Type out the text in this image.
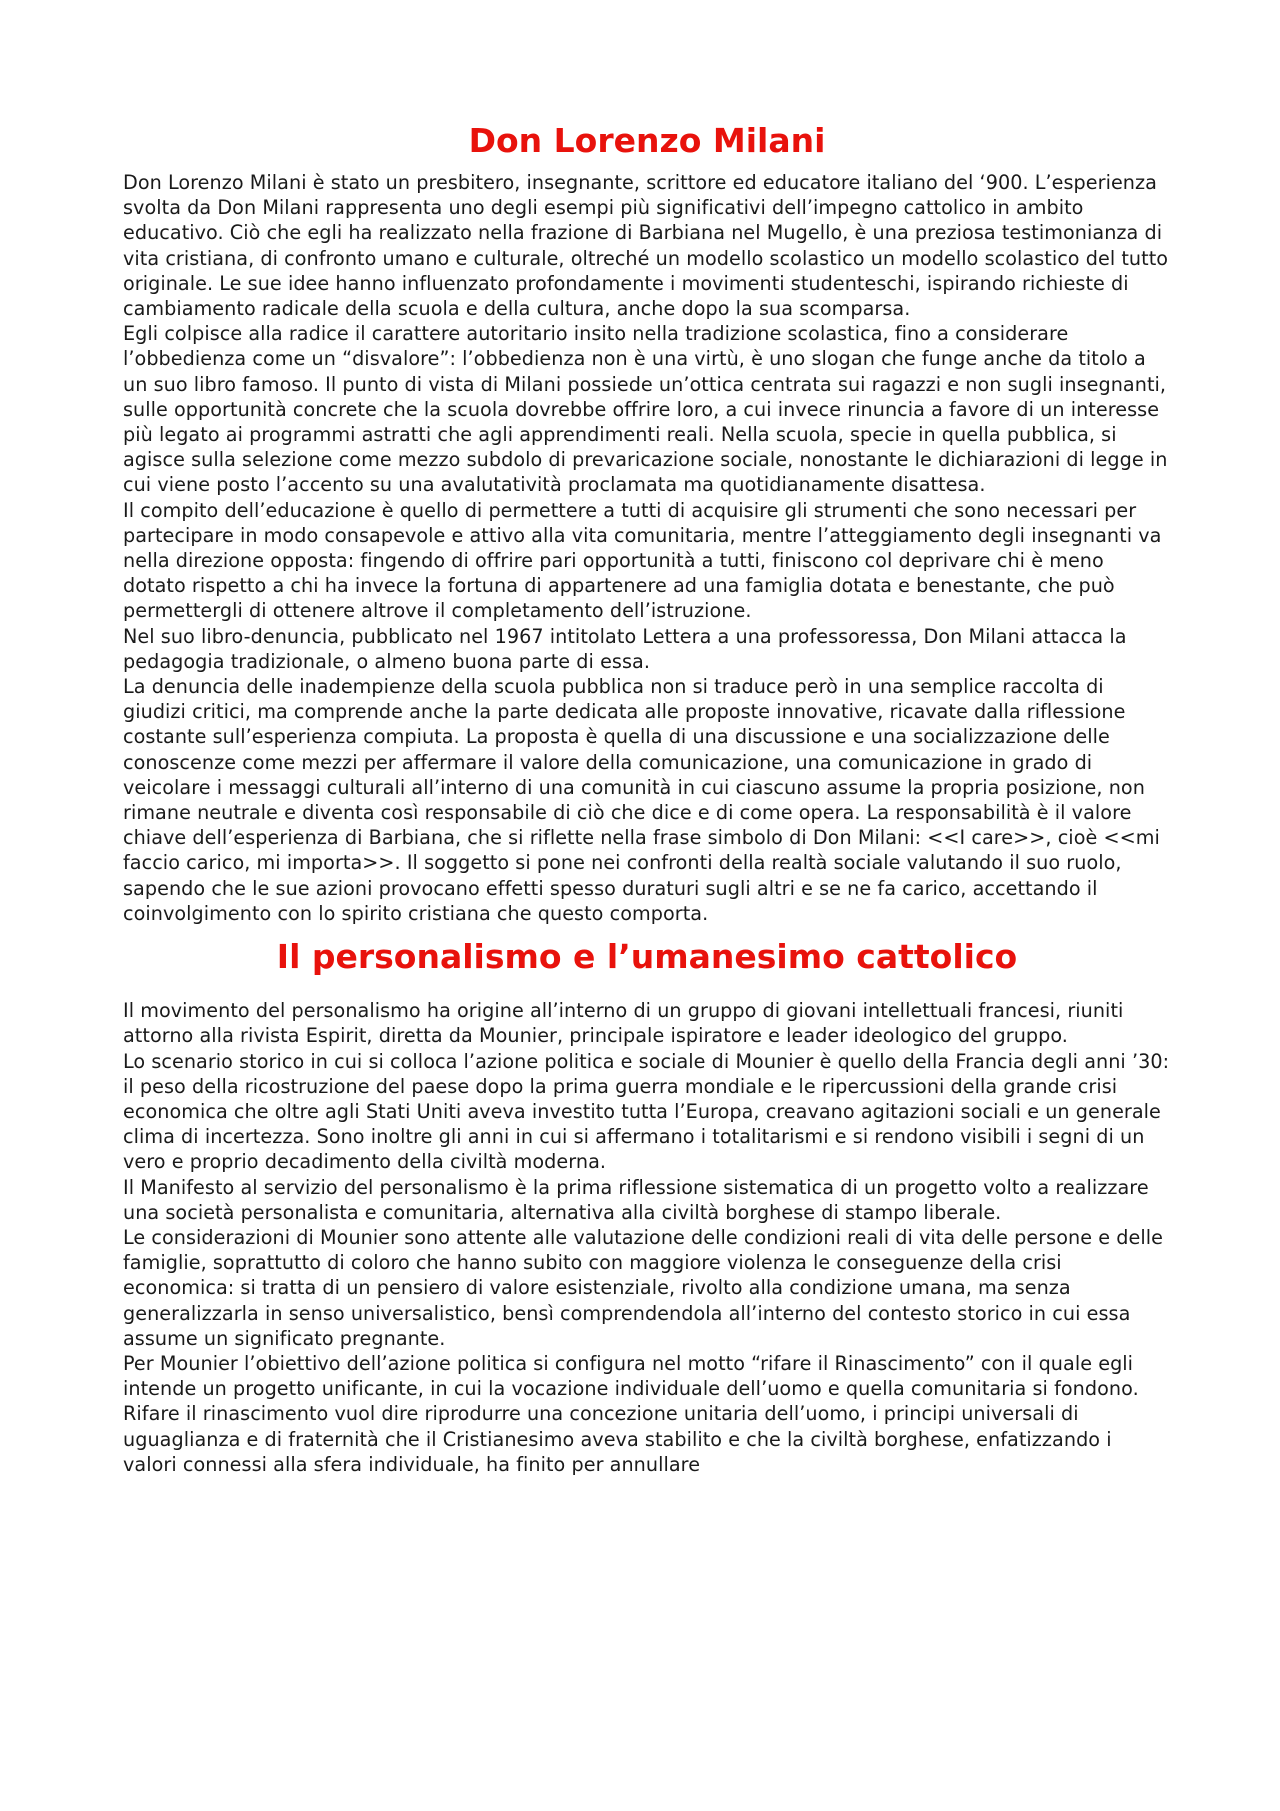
Don Lorenzo Milani

Don Lorenzo Milani è stato un presbitero, insegnante, scrittore ed educatore italiano del ‘900. L’esperienza svolta da Don Milani rappresenta uno degli esempi più significativi dell’impegno cattolico in ambito educativo. Ciò che egli ha realizzato nella frazione di Barbiana nel Mugello, è una preziosa testimonianza di vita cristiana, di confronto umano e culturale, oltreché un modello scolastico un modello scolastico del tutto originale. Le sue idee hanno influenzato profondamente i movimenti studenteschi, ispirando richieste di cambiamento radicale della scuola e della cultura, anche dopo la sua scomparsa.

Egli colpisce alla radice il carattere autoritario insito nella tradizione scolastica, fino a considerare l’obbedienza come un “disvalore”: l’obbedienza non è una virtù, è uno slogan che funge anche da titolo a un suo libro famoso. Il punto di vista di Milani possiede un’ottica centrata sui ragazzi e non sugli insegnanti, sulle opportunità concrete che la scuola dovrebbe offrire loro, a cui invece rinuncia a favore di un interesse più legato ai programmi astratti che agli apprendimenti reali. Nella scuola, specie in quella pubblica, si agisce sulla selezione come mezzo subdolo di prevaricazione sociale, nonostante le dichiarazioni di legge in cui viene posto l’accento su una avalutatività proclamata ma quotidianamente disattesa.

Il compito dell’educazione è quello di permettere a tutti di acquisire gli strumenti che sono necessari per partecipare in modo consapevole e attivo alla vita comunitaria, mentre l’atteggiamento degli insegnanti va nella direzione opposta: fingendo di offrire pari opportunità a tutti, finiscono col deprivare chi è meno dotato rispetto a chi ha invece la fortuna di appartenere ad una famiglia dotata e benestante, che può permettergli di ottenere altrove il completamento dell’istruzione.

Nel suo libro-denuncia, pubblicato nel 1967 intitolato Lettera a una professoressa, Don Milani attacca la pedagogia tradizionale, o almeno buona parte di essa.

La denuncia delle inadempienze della scuola pubblica non si traduce però in una semplice raccolta di giudizi critici, ma comprende anche la parte dedicata alle proposte innovative, ricavate dalla riflessione costante sull’esperienza compiuta. La proposta è quella di una discussione e una socializzazione delle conoscenze come mezzi per affermare il valore della comunicazione, una comunicazione in grado di veicolare i messaggi culturali all’interno di una comunità in cui ciascuno assume la propria posizione, non rimane neutrale e diventa così responsabile di ciò che dice e di come opera. La responsabilità è il valore chiave dell’esperienza di Barbiana, che si riflette nella frase simbolo di Don Milani: <<I care>>, cioè <<mi faccio carico, mi importa>>. Il soggetto si pone nei confronti della realtà sociale valutando il suo ruolo, sapendo che le sue azioni provocano effetti spesso duraturi sugli altri e se ne fa carico, accettando il coinvolgimento con lo spirito cristiana che questo comporta.

Il personalismo e l’umanesimo cattolico

Il movimento del personalismo ha origine all’interno di un gruppo di giovani intellettuali francesi, riuniti attorno alla rivista Espirit, diretta da Mounier, principale ispiratore e leader ideologico del gruppo.

Lo scenario storico in cui si colloca l’azione politica e sociale di Mounier è quello della Francia degli anni ’30: il peso della ricostruzione del paese dopo la prima guerra mondiale e le ripercussioni della grande crisi economica che oltre agli Stati Uniti aveva investito tutta l’Europa, creavano agitazioni sociali e un generale clima di incertezza. Sono inoltre gli anni in cui si affermano i totalitarismi e si rendono visibili i segni di un vero e proprio decadimento della civiltà moderna.

Il Manifesto al servizio del personalismo è la prima riflessione sistematica di un progetto volto a realizzare una società personalista e comunitaria, alternativa alla civiltà borghese di stampo liberale.

Le considerazioni di Mounier sono attente alle valutazione delle condizioni reali di vita delle persone e delle famiglie, soprattutto di coloro che hanno subito con maggiore violenza le conseguenze della crisi economica: si tratta di un pensiero di valore esistenziale, rivolto alla condizione umana, ma senza generalizzarla in senso universalistico, bensì comprendendola all’interno del contesto storico in cui essa assume un significato pregnante.

Per Mounier l’obiettivo dell’azione politica si configura nel motto “rifare il Rinascimento” con il quale egli intende un progetto unificante, in cui la vocazione individuale dell’uomo e quella comunitaria si fondono.

Rifare il rinascimento vuol dire riprodurre una concezione unitaria dell’uomo, i principi universali di uguaglianza e di fraternità che il Cristianesimo aveva stabilito e che la civiltà borghese, enfatizzando i valori connessi alla sfera individuale, ha finito per annullare
